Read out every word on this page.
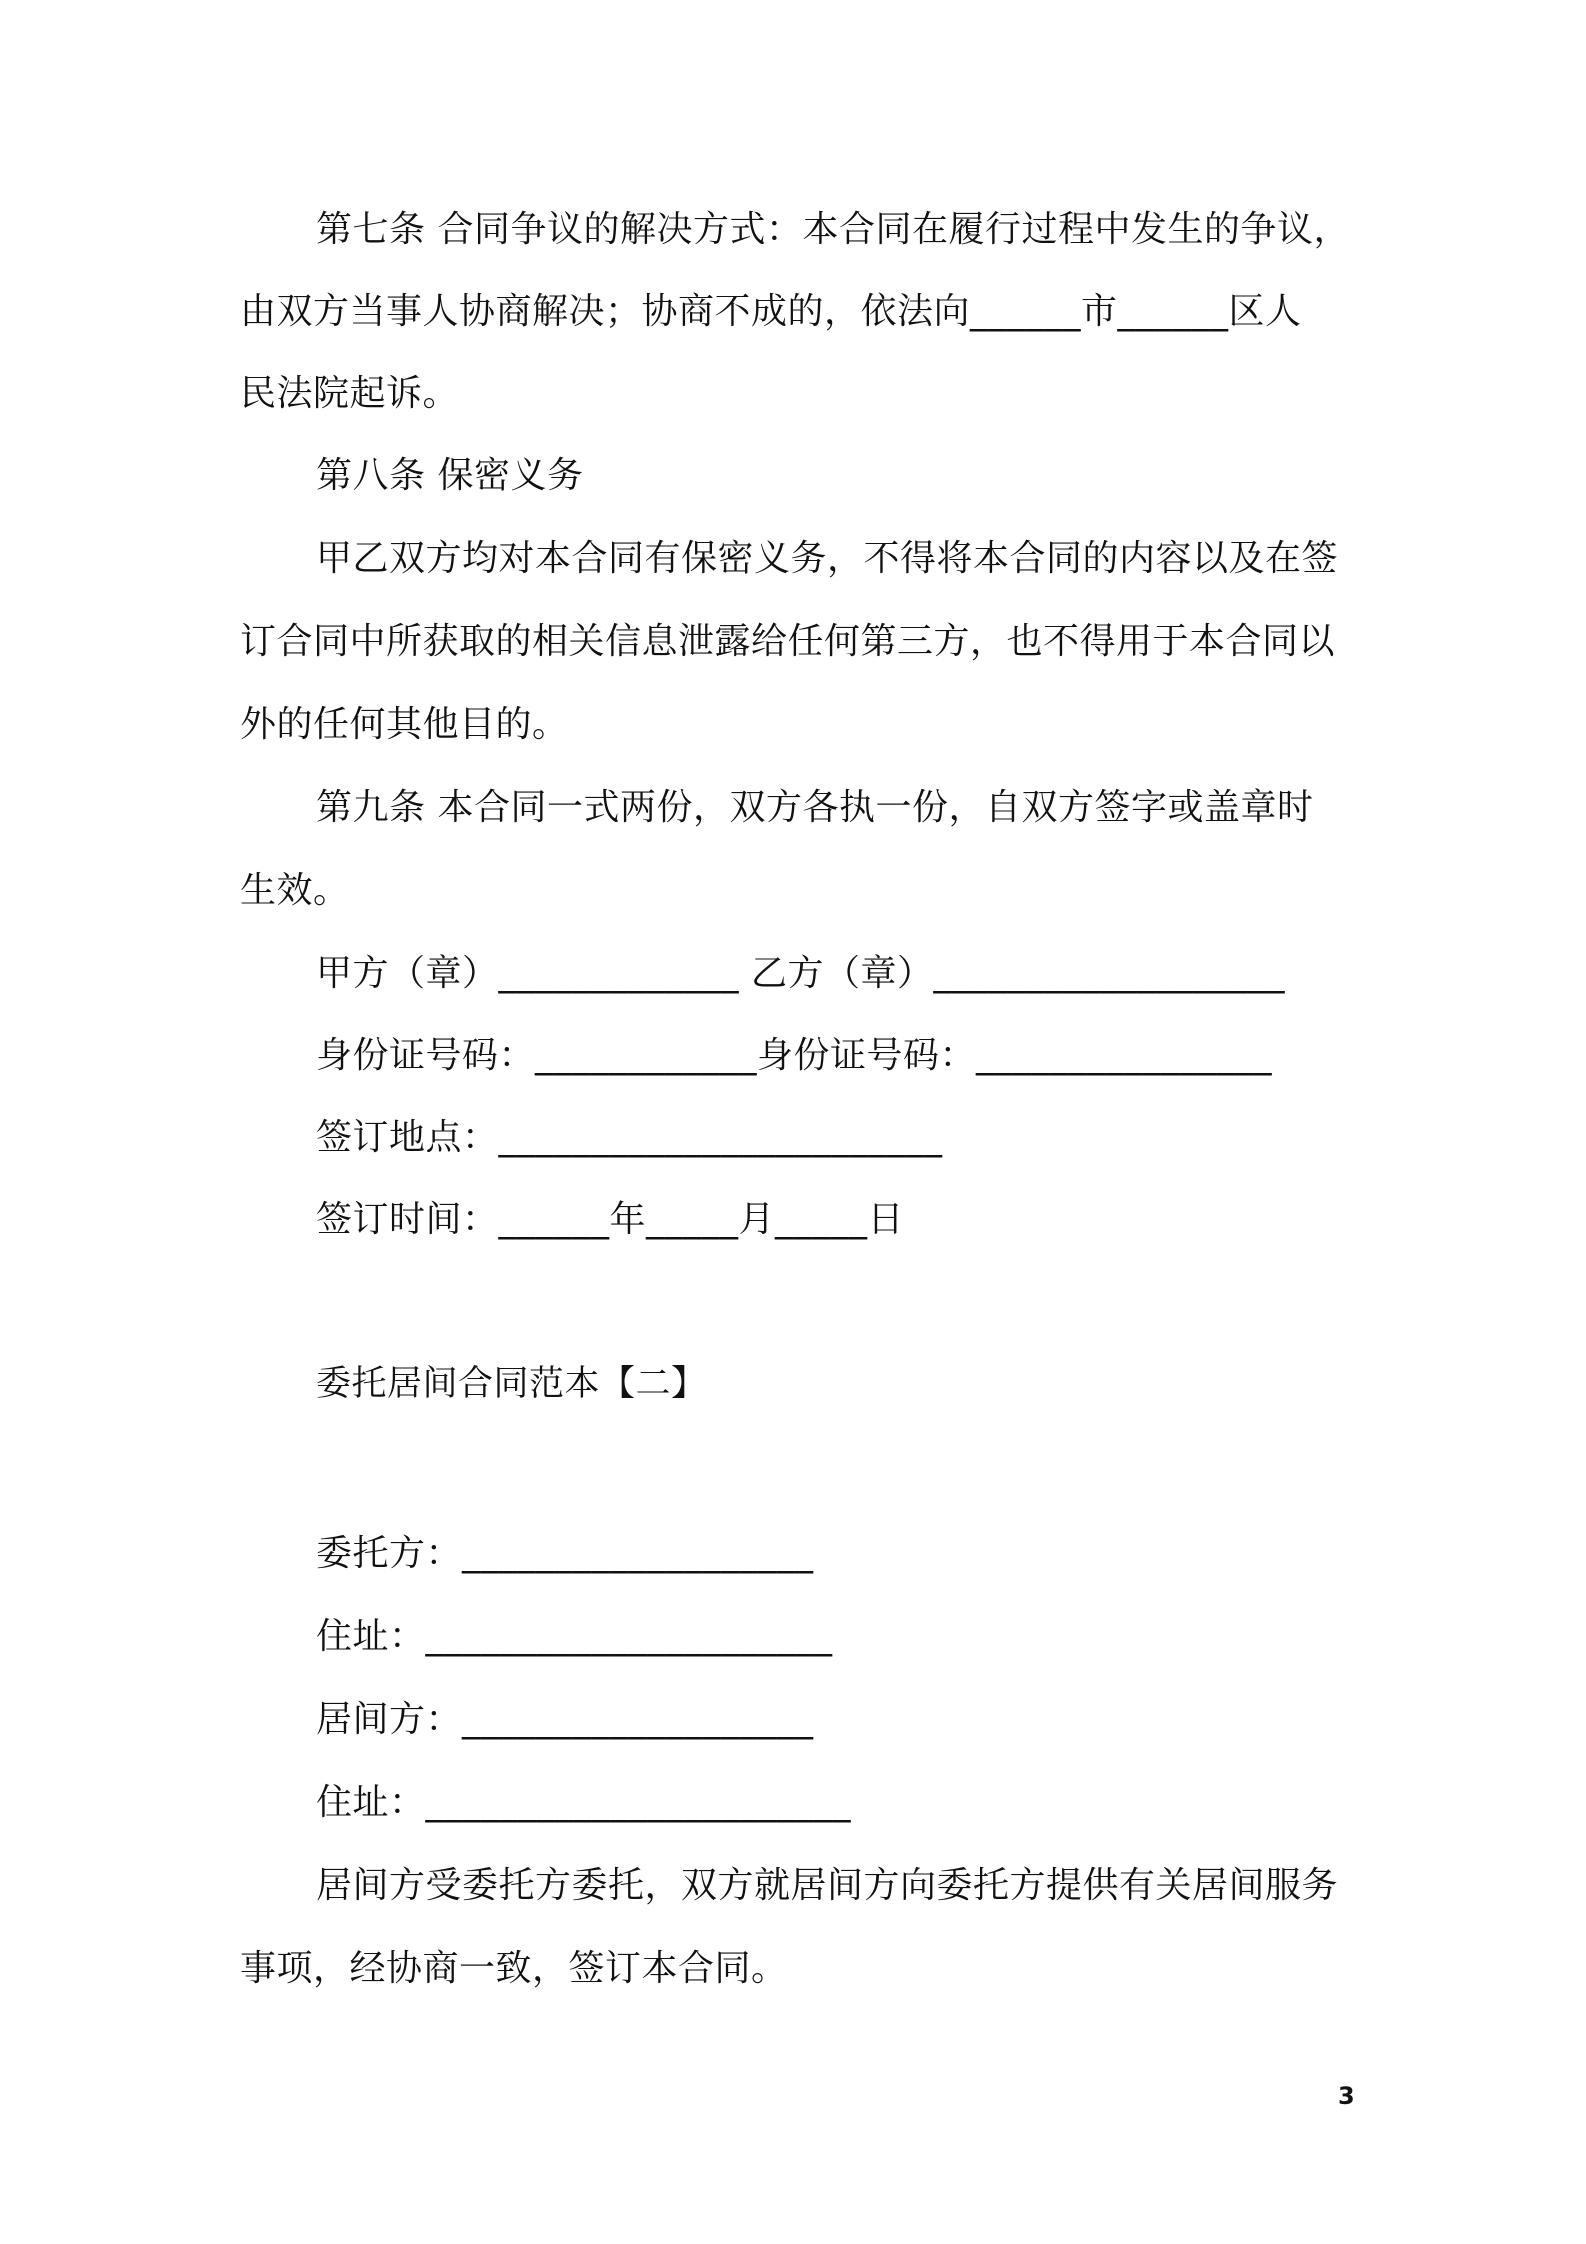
第七条 合同争议的解决方式：本合同在履行过程中发生的争议，
由双方当事人协商解决；协商不成的，依法向______市______区人
民法院起诉。
第八条 保密义务
甲乙双方均对本合同有保密义务，不得将本合同的内容以及在签
订合同中所获取的相关信息泄露给任何第三方，也不得用于本合同以
外的任何其他目的。
第九条 本合同一式两份，双方各执一份，自双方签字或盖章时
生效。
甲方（章）_____________ 乙方（章）___________________
身份证号码：____________身份证号码：________________
签订地点：________________________
签订时间：______年_____月_____日
委托居间合同范本【二】
委托方：___________________
住址：______________________
居间方：___________________
住址：_______________________
居间方受委托方委托，双方就居间方向委托方提供有关居间服务
事项，经协商一致，签订本合同。
3
